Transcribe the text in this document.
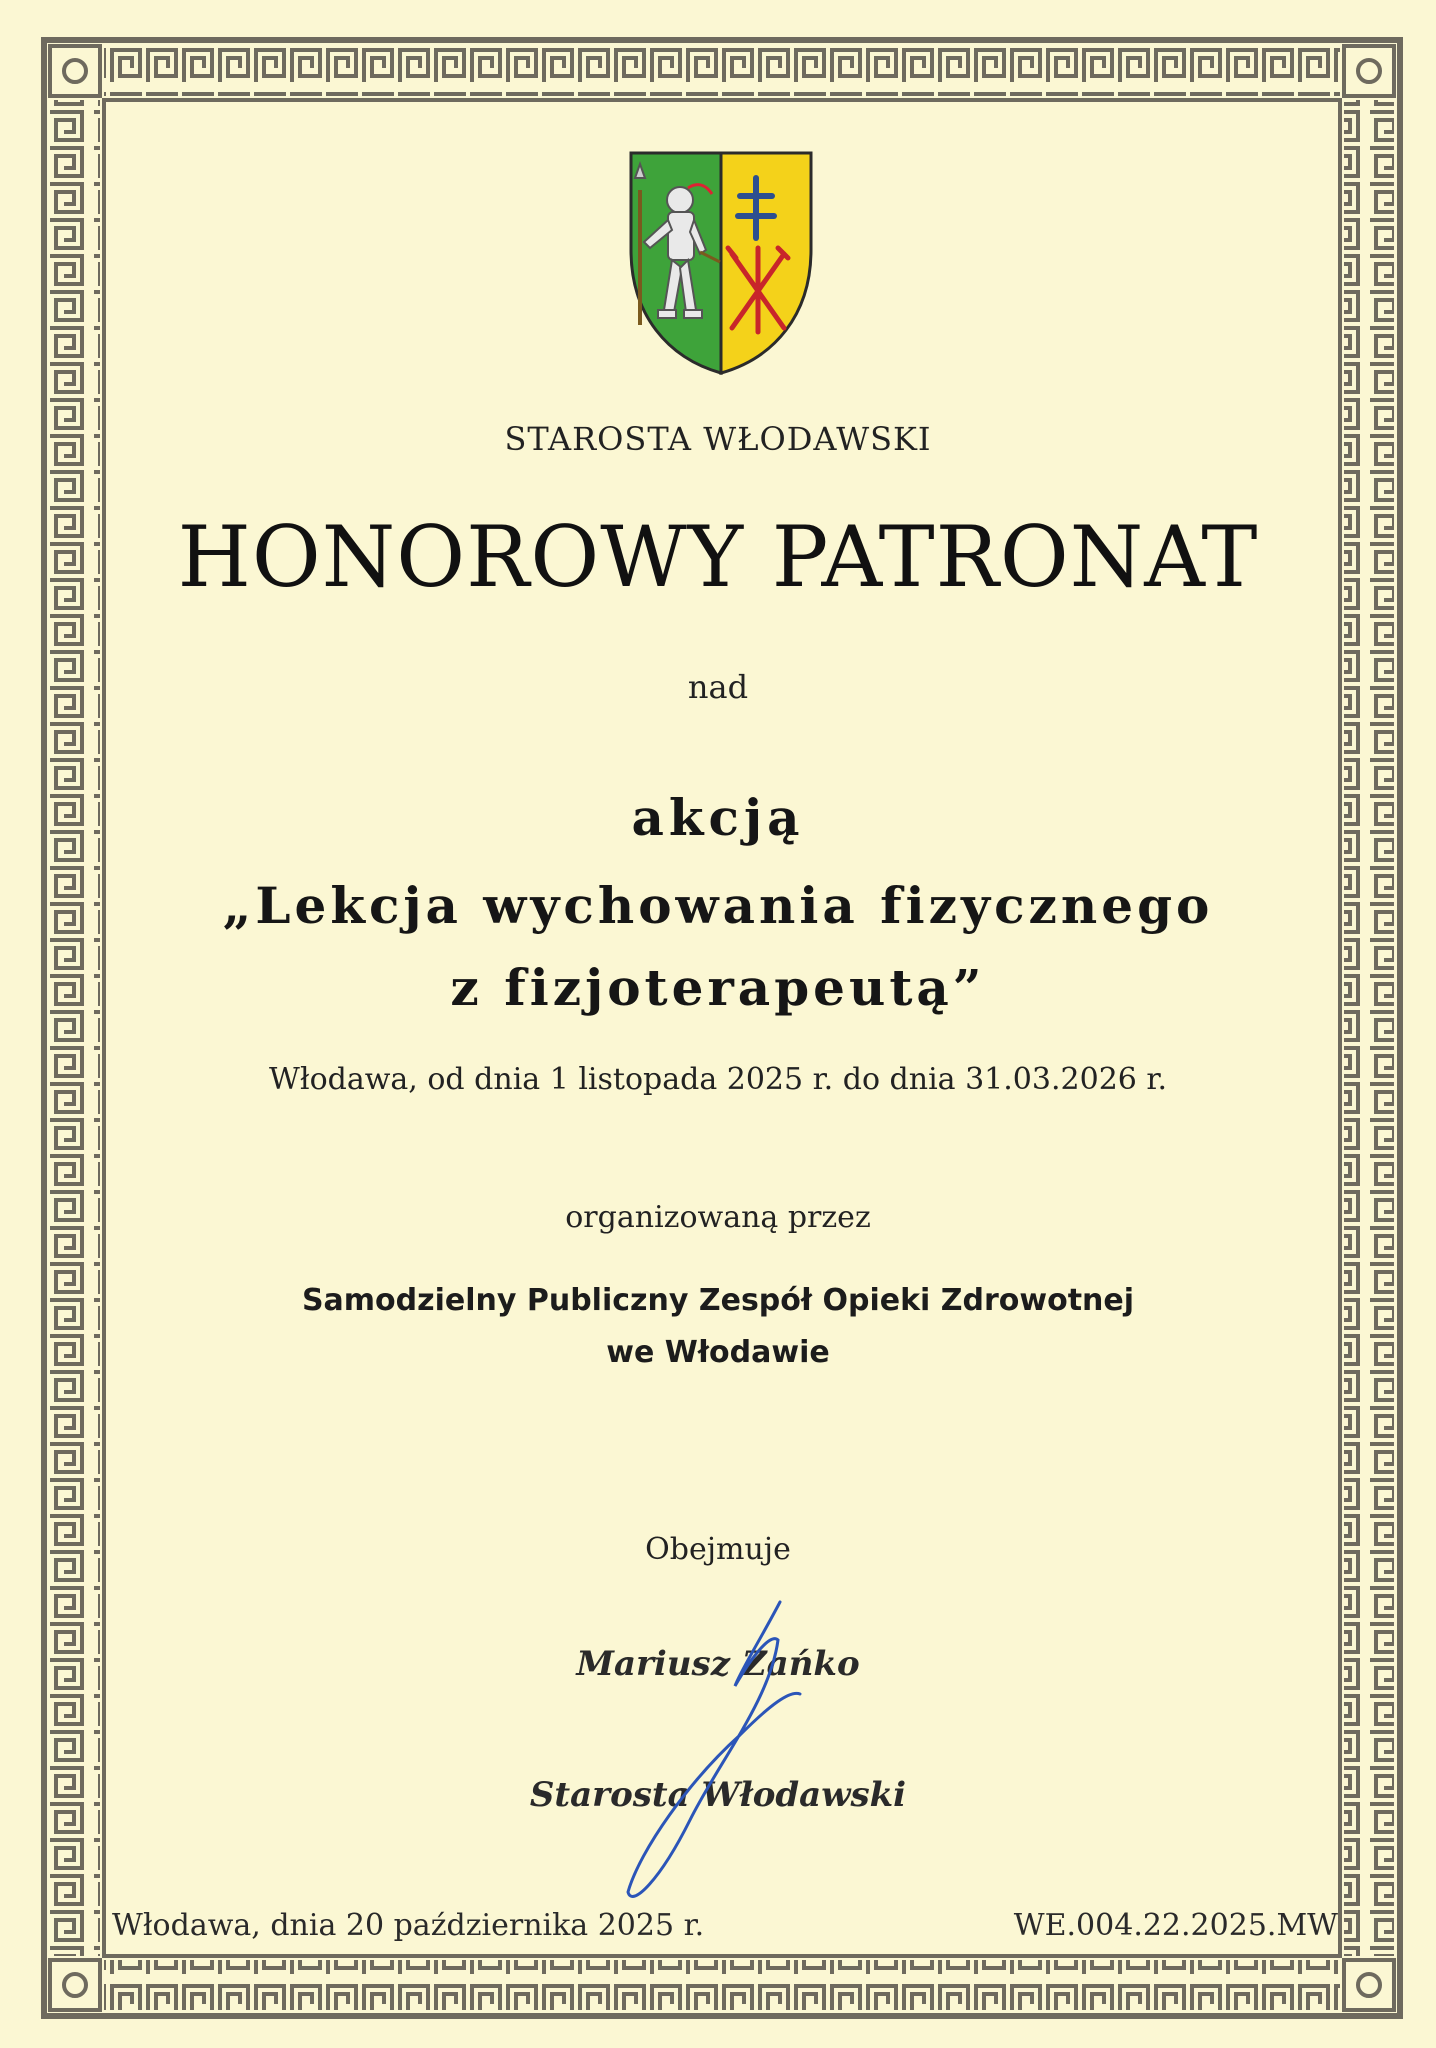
STAROSTA WŁODAWSKI
HONOROWY PATRONAT
nad
akcją
„Lekcja wychowania fizycznego
z fizjoterapeutą”
Włodawa, od dnia 1 listopada 2025 r. do dnia 31.03.2026 r.
organizowaną przez
Samodzielny Publiczny Zespół Opieki Zdrowotnej
we Włodawie
Obejmuje
Mariusz Zańko
Starosta Włodawski
Włodawa, dnia 20 października 2025 r.	WE.004.22.2025.MW
